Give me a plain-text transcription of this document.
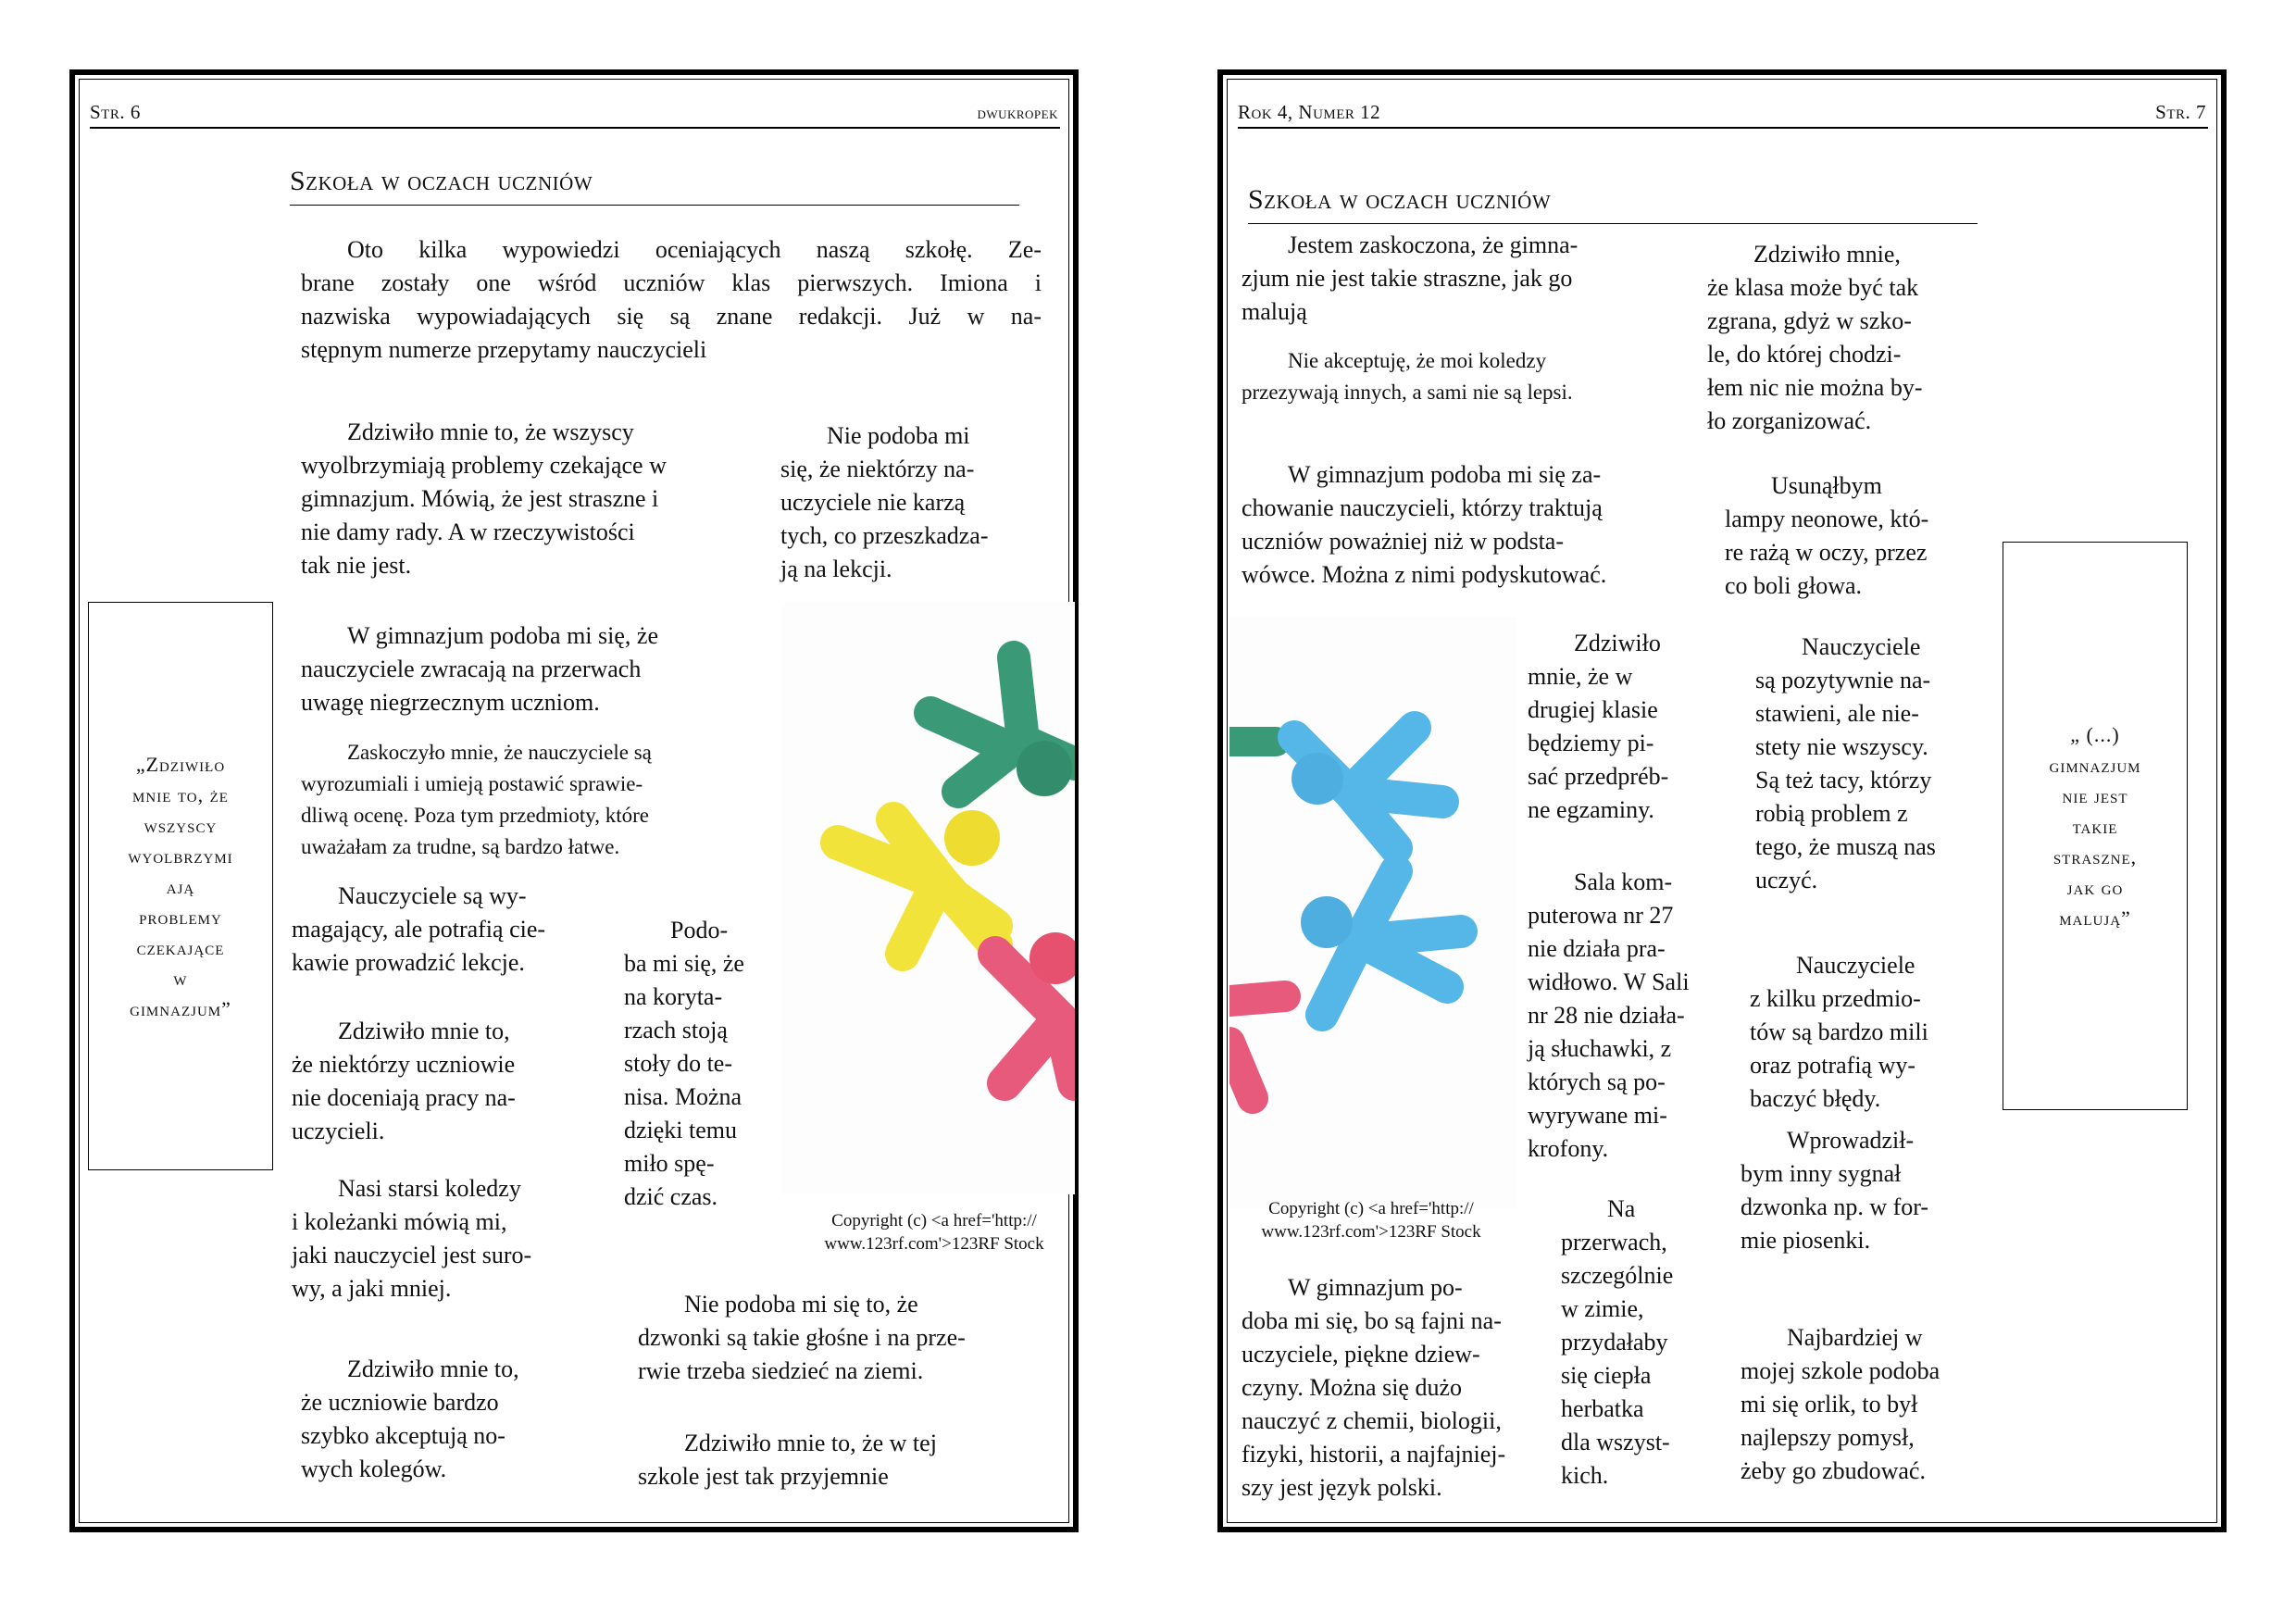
Str. 6	dwukropek
Szkoła w oczach uczniów
Oto kilka wypowiedzi oceniających naszą szkołę. Ze-
brane zostały one wśród uczniów klas pierwszych. Imiona i
nazwiska wypowiadających się są znane redakcji. Już w na-
stępnym numerze przepytamy nauczycieli
Zdziwiło mnie to, że wszyscy
wyolbrzymiają problemy czekające w
gimnazjum. Mówią, że jest straszne i
nie damy rady. A w rzeczywistości
tak nie jest.
Nie podoba mi
się, że niektórzy na-
uczyciele nie karzą
tych, co przeszkadza-
ją na lekcji.
W gimnazjum podoba mi się, że
nauczyciele zwracają na przerwach
uwagę niegrzecznym uczniom.
Zaskoczyło mnie, że nauczyciele są
wyrozumiali i umieją postawić sprawie-
dliwą ocenę. Poza tym przedmioty, które
uważałam za trudne, są bardzo łatwe.
Nauczyciele są wy-
magający, ale potrafią cie-
kawie prowadzić lekcje.
Podo-
ba mi się, że
na koryta-
rzach stoją
stoły do te-
nisa. Można
dzięki temu
miło spę-
dzić czas.
Zdziwiło mnie to,
że niektórzy uczniowie
nie doceniają pracy na-
uczycieli.
Nasi starsi koledzy
i koleżanki mówią mi,
jaki nauczyciel jest suro-
wy, a jaki mniej.
Zdziwiło mnie to,
że uczniowie bardzo
szybko akceptują no-
wych kolegów.
Nie podoba mi się to, że
dzwonki są takie głośne i na prze-
rwie trzeba siedzieć na ziemi.
Zdziwiło mnie to, że w tej
szkole jest tak przyjemnie
„Zdziwiło
mnie to, że
wszyscy
wyolbrzymi
ają
problemy
czekające
w
gimnazjum”
Copyright (c) <a href='http://
www.123rf.com'>123RF Stock
Rok 4, Numer 12	Str. 7
Szkoła w oczach uczniów
Jestem zaskoczona, że gimna-
zjum nie jest takie straszne, jak go
malują
Nie akceptuję, że moi koledzy
przezywają innych, a sami nie są lepsi.
W gimnazjum podoba mi się za-
chowanie nauczycieli, którzy traktują
uczniów poważniej niż w podsta-
wówce. Można z nimi podyskutować.
Zdziwiło mnie,
że klasa może być tak
zgrana, gdyż w szko-
le, do której chodzi-
łem nic nie można by-
ło zorganizować.
Usunąłbym
lampy neonowe, któ-
re rażą w oczy, przez
co boli głowa.
Zdziwiło
mnie, że w
drugiej klasie
będziemy pi-
sać przedpréb-
ne egzaminy.
Nauczyciele
są pozytywnie na-
stawieni, ale nie-
stety nie wszyscy.
Są też tacy, którzy
robią problem z
tego, że muszą nas
uczyć.
Sala kom-
puterowa nr 27
nie działa pra-
widłowo. W Sali
nr 28 nie działa-
ją słuchawki, z
których są po-
wyrywane mi-
krofony.
Nauczyciele
z kilku przedmio-
tów są bardzo mili
oraz potrafią wy-
baczyć błędy.
Wprowadził-
bym inny sygnał
dzwonka np. w for-
mie piosenki.
Na
przerwach,
szczególnie
w zimie,
przydałaby
się ciepła
herbatka
dla wszyst-
kich.
W gimnazjum po-
doba mi się, bo są fajni na-
uczyciele, piękne dziew-
czyny. Można się dużo
nauczyć z chemii, biologii,
fizyki, historii, a najfajniej-
szy jest język polski.
Najbardziej w
mojej szkole podoba
mi się orlik, to był
najlepszy pomysł,
żeby go zbudować.
„ (...)
gimnazjum
nie jest
takie
straszne,
jak go
malują”
Copyright (c) <a href='http://
www.123rf.com'>123RF Stock
